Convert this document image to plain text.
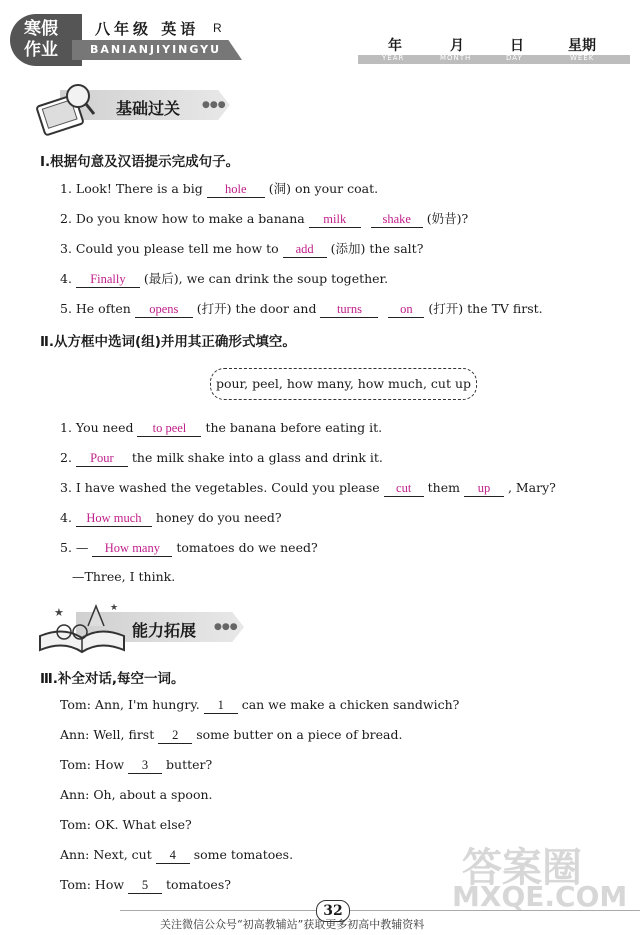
寒假
作业	BANIANJIYINGYU
八年级 英语 R
年	月	日	星期
YEAR	MONTH	DAY	WEEK
基础过关 ●●●
Ⅰ.根据句意及汉语提示完成句子。
1. Look! There is a big hole (洞) on your coat.
2. Do you know how to make a banana milk	shake (奶昔)?
3. Could you please tell me how to add (添加) the salt?
4. Finally (最后), we can drink the soup together.
5. He often opens (打开) the door and turns	on (打开) the TV first.
Ⅱ.从方框中选词(组)并用其正确形式填空。
pour, peel, how many, how much, cut up
1. You need to peel the banana before eating it.
2. Pour the milk shake into a glass and drink it.
3. I have washed the vegetables. Could you please cut them up , Mary?
4. How much honey do you need?
5. — How many tomatoes do we need?
—Three, I think.
★	★
能力拓展 ●●●
Ⅲ.补全对话,每空一词。
Tom: Ann, I'm hungry. 1 can we make a chicken sandwich?
Ann: Well, first 2 some butter on a piece of bread.
Tom: How 3 butter?
Ann: Oh, about a spoon.
Tom: OK. What else?
Ann: Next, cut 4 some tomatoes.
Tom: How 5 tomatoes?	答案圈
MXQE.COM
32
关注微信公众号“初高教辅站”获取更多初高中教辅资料
